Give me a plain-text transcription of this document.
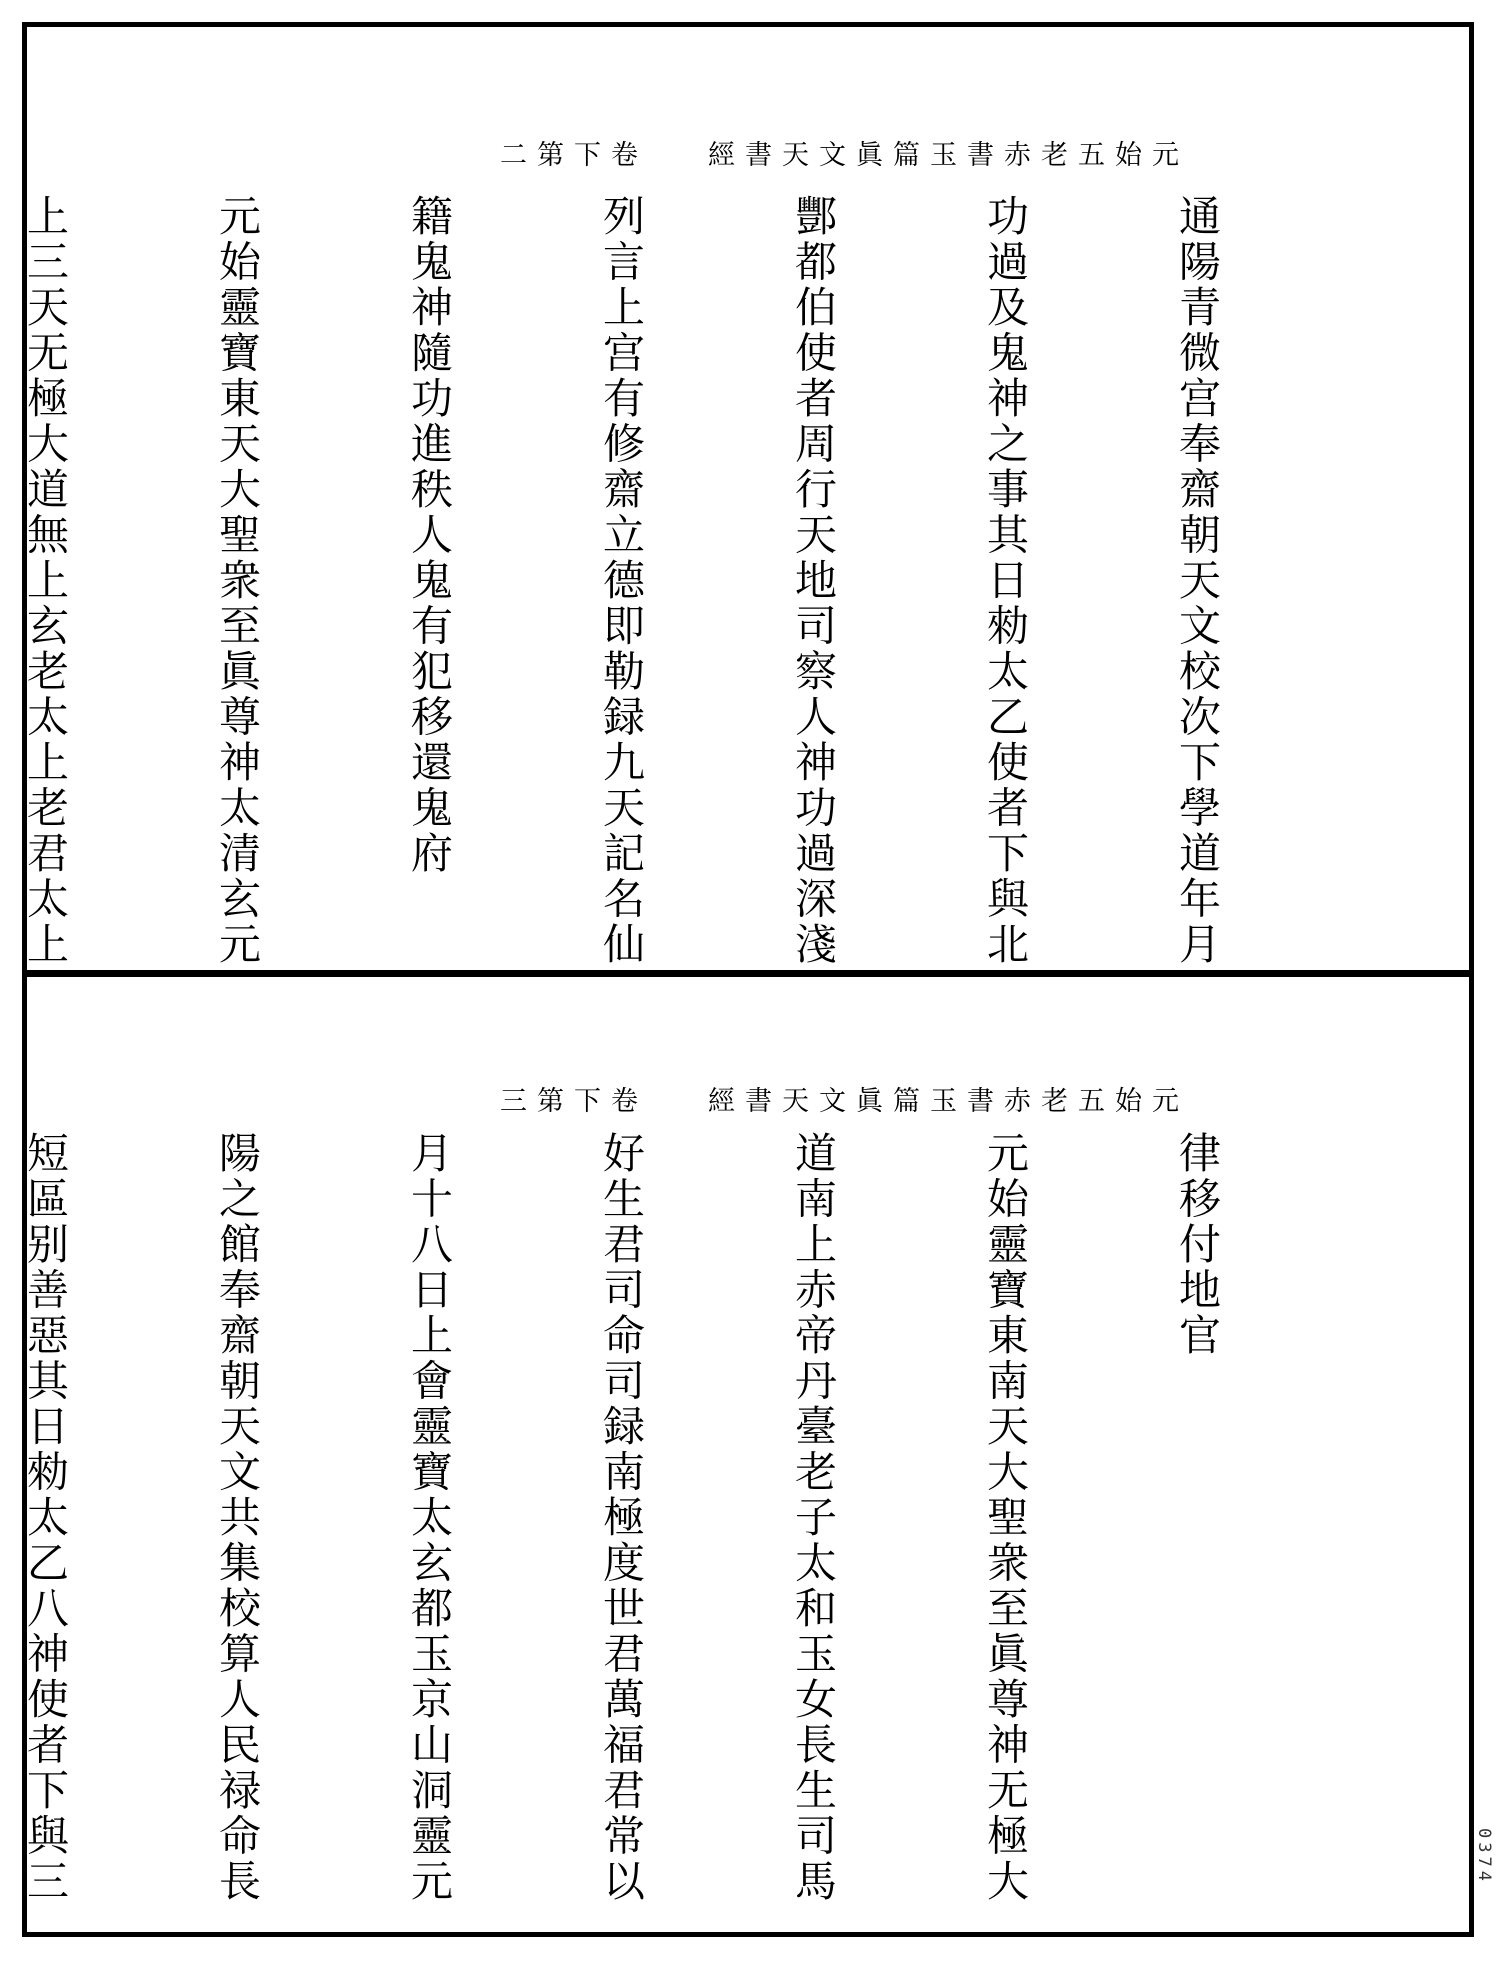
元始五老赤書玉篇眞文天書經卷下第二

通陽青微宫奉齋朝天文校次下學道年月

功過及鬼神之事其日勑太乙使者下與北

酆都伯使者周行天地司察人神功過深淺

列言上宫有修齋立德即勒録九天記名仙

籍鬼神隨功進秩人鬼有犯移還鬼府

元始靈寶東天大聖衆至眞尊神太清玄元

上三天无極大道無上玄老太上老君太上

元始五老赤書玉篇眞文天書經卷下第三

律移付地官

元始靈寶東南天大聖衆至眞尊神无極大

道南上赤帝丹臺老子太和玉女長生司馬

好生君司命司録南極度世君萬福君常以

月十八日上會靈寶太玄都玉京山洞靈元

陽之館奉齋朝天文共集校算人民禄命長

短區别善惡其日勑太乙八神使者下與三

	0374
